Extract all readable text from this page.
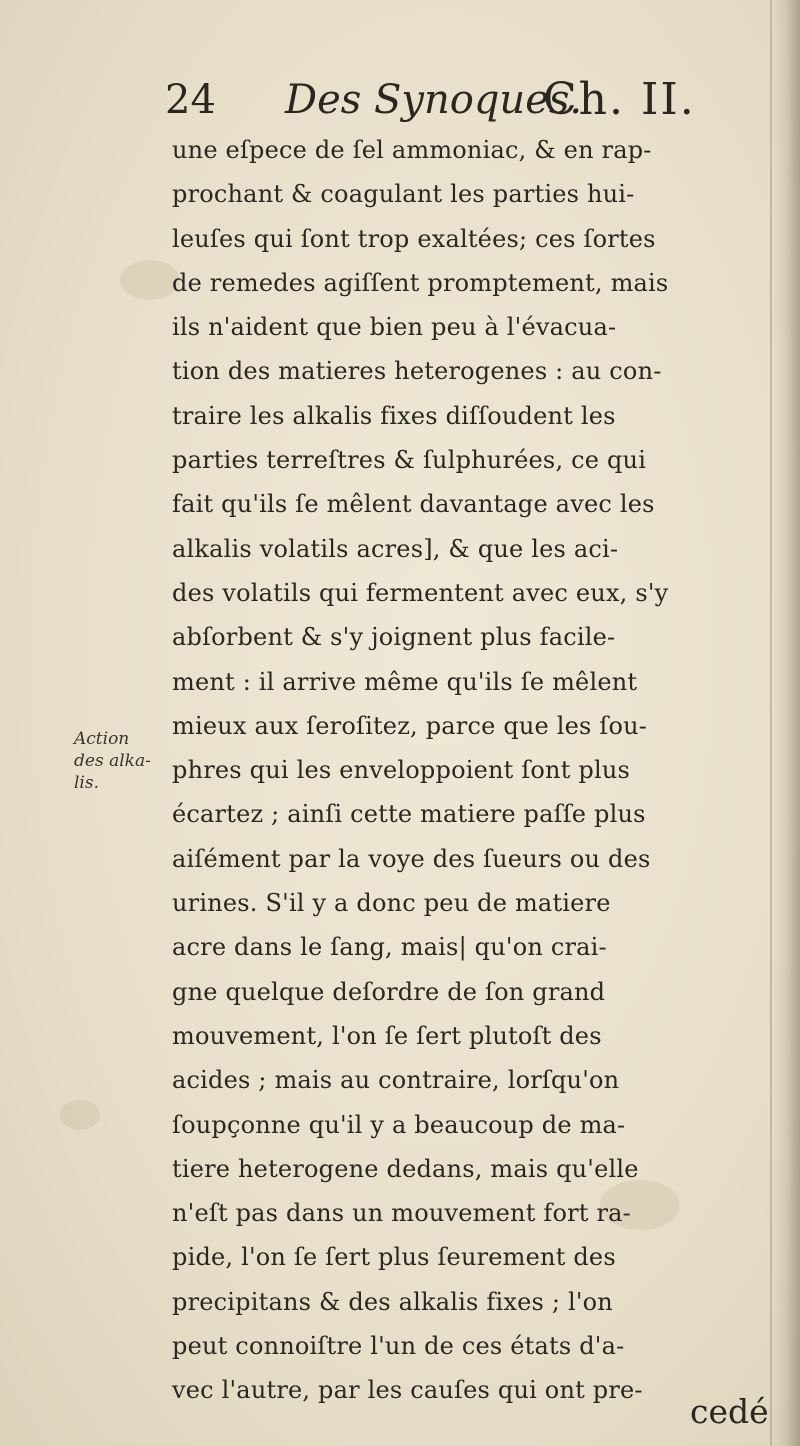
24 Des Synoques.
Ch. II.
Action
des alka-
lis.
une eſpece de ſel ammoniac, & en rap-
prochant & coagulant les parties hui-
leuſes qui ſont trop exaltées; ces ſortes
de remedes agiſſent promptement, mais
ils n'aident que bien peu à l'évacua-
tion des matieres heterogenes : au con-
traire les alkalis fixes diſſoudent les
parties terreſtres & ſulphurées, ce qui
fait qu'ils ſe mêlent davantage avec les
alkalis volatils acres], & que les aci-
des volatils qui fermentent avec eux, s'y
abſorbent & s'y joignent plus facile-
ment : il arrive même qu'ils ſe mêlent
mieux aux ſeroſitez, parce que les ſou-
phres qui les enveloppoient ſont plus
écartez ; ainſi cette matiere paſſe plus
aiſément par la voye des ſueurs ou des
urines. S'il y a donc peu de matiere
acre dans le ſang, mais| qu'on crai-
gne quelque deſordre de ſon grand
mouvement, l'on ſe ſert plutoſt des
acides ; mais au contraire, lorſqu'on
ſoupçonne qu'il y a beaucoup de ma-
tiere heterogene dedans, mais qu'elle
n'eſt pas dans un mouvement fort ra-
pide, l'on ſe ſert plus ſeurement des
precipitans & des alkalis fixes ; l'on
peut connoiſtre l'un de ces états d'a-
vec l'autre, par les cauſes qui ont pre-
cedé
